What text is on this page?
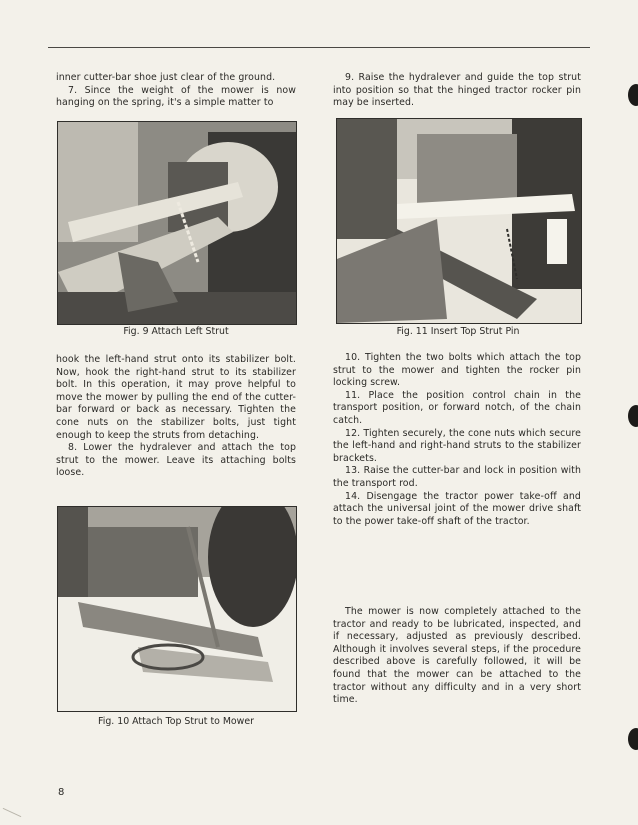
inner cutter-bar shoe just clear of the ground.

7. Since the weight of the mower is now hanging on the spring, it's a simple matter to

Fig. 9 Attach Left Strut

hook the left-hand strut onto its stabilizer bolt. Now, hook the right-hand strut to its stabilizer bolt. In this operation, it may prove helpful to move the mower by pulling the end of the cutter-bar forward or back as necessary. Tighten the cone nuts on the stabilizer bolts, just tight enough to keep the struts from detaching.

8. Lower the hydralever and attach the top strut to the mower. Leave its attaching bolts loose.

Fig. 10 Attach Top Strut to Mower

9. Raise the hydralever and guide the top strut into position so that the hinged tractor rocker pin may be inserted.

Fig. 11 Insert Top Strut Pin

10. Tighten the two bolts which attach the top strut to the mower and tighten the rocker pin locking screw.

11. Place the position control chain in the transport position, or forward notch, of the chain catch.

12. Tighten securely, the cone nuts which secure the left-hand and right-hand struts to the stabilizer brackets.

13. Raise the cutter-bar and lock in position with the transport rod.

14. Disengage the tractor power take-off and attach the universal joint of the mower drive shaft to the power take-off shaft of the tractor.

The mower is now completely attached to the tractor and ready to be lubricated, inspected, and if necessary, adjusted as previously described. Although it involves several steps, if the procedure described above is carefully followed, it will be found that the mower can be attached to the tractor without any difficulty and in a very short time.

8
